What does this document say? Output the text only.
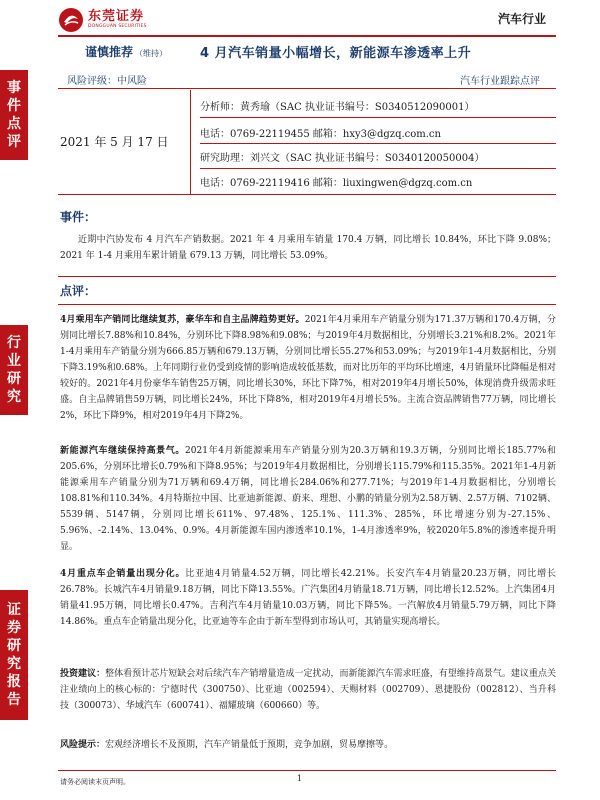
东莞证券
DONGGUAN SECURITIES
汽车行业
事
件
点
评
行
业
研
究
证
券
研
究
报
告
谨慎推荐 （维持）	4 月汽车销量小幅增长，新能源车渗透率上升
风险评级：中风险	汽车行业跟踪点评
2021 年 5 月 17 日
分析师：黄秀瑜（SAC 执业证书编号：S0340512090001）
电话：0769-22119455 邮箱：hxy3@dgzq.com.cn
研究助理：刘兴文（SAC 执业证书编号：S0340120050004）
电话：0769-22119416 邮箱：liuxingwen@dgzq.com.cn
事件：
近期中汽协发布 4 月汽车产销数据。2021 年 4 月乘用车销量 170.4 万辆，同比增长 10.84%，环比下降 9.08%；2021 年 1-4 月乘用车累计销量 679.13 万辆，同比增长 53.09%。
点评：
4月乘用车产销同比继续复苏，豪华车和自主品牌趋势更好。2021年4月乘用车产销量分别为171.37万辆和170.4万辆，分别同比增长7.88%和10.84%，分别环比下降8.98%和9.08%；与2019年4月数据相比，分别增长3.21%和8.2%。2021年1-4月乘用车产销量分别为666.85万辆和679.13万辆，分别同比增长55.27%和53.09%；与2019年1-4月数据相比，分别下降3.19%和0.68%。上年同期行业仍受到疫情的影响造成较低基数，而对比历年的平均环比增速，4月销量环比降幅是相对较好的。2021年4月份豪华车销售25万辆，同比增长30%，环比下降7%，相对2019年4月增长50%，体现消费升级需求旺盛。自主品牌销售59万辆，同比增长24%，环比下降8%，相对2019年4月增长5%。主流合资品牌销售77万辆，同比增长2%，环比下降9%，相对2019年4月下降2%。
新能源汽车继续保持高景气。2021年4月新能源乘用车产销量分别为20.3万辆和19.3万辆，分别同比增长185.77%和205.6%，分别环比增长0.79%和下降8.95%；与2019年4月数据相比，分别增长115.79%和115.35%。2021年1-4月新能源乘用车产销量分别为71万辆和69.4万辆，同比增长284.06%和277.71%；与2019年1-4月数据相比，分别增长108.81%和110.34%。4月特斯拉中国、比亚迪新能源、蔚来、理想、小鹏的销量分别为2.58万辆、2.57万辆、7102辆、5539辆、5147辆，分别同比增长611%、97.48%、125.1%、111.3%、285%，环比增速分别为-27.15%、5.96%、-2.14%、13.04%、0.9%。4月新能源车国内渗透率10.1%，1-4月渗透率9%，较2020年5.8%的渗透率提升明显。
4月重点车企销量出现分化。比亚迪4月销量4.52万辆，同比增长42.21%。长安汽车4月销量20.23万辆，同比增长26.78%。长城汽车4月销量9.18万辆，同比下降13.55%。广汽集团4月销量18.71万辆，同比增长12.52%。上汽集团4月销量41.95万辆，同比增长0.47%。吉利汽车4月销量10.03万辆，同比下降5%。一汽解放4月销量5.79万辆，同比下降14.86%。重点车企销量出现分化，比亚迪等车企由于新车型得到市场认可，其销量实现高增长。
投资建议：整体看预计芯片短缺会对后续汽车产销增量造成一定扰动，而新能源汽车需求旺盛，有望维持高景气。建议重点关注业绩向上的核心标的：宁德时代（300750）、比亚迪（002594）、天赐材料（002709）、恩捷股份（002812）、当升科技（300073）、华域汽车（600741）、福耀玻璃（600660）等。
风险提示：宏观经济增长不及预期，汽车产销量低于预期，竞争加剧，贸易摩擦等。
请务必阅读末页声明。	1
